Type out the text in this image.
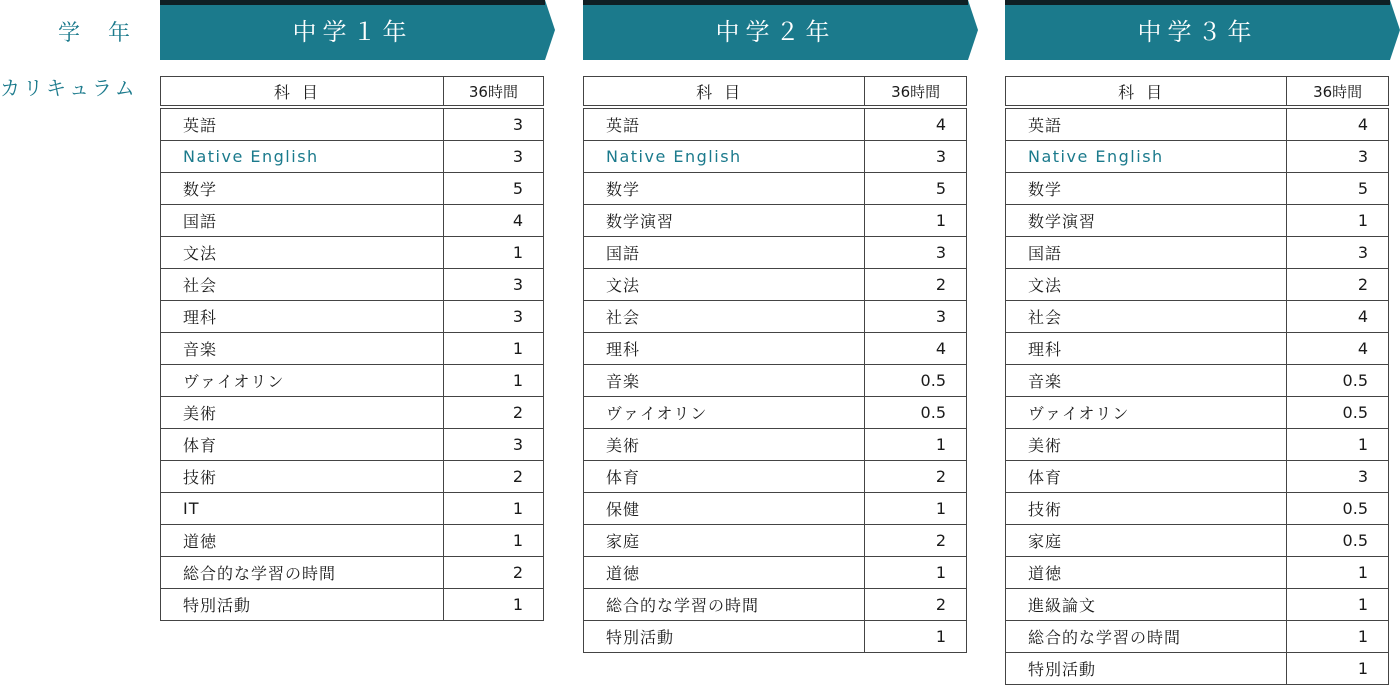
学年
カリキュラム
中学１年
科目	36時間
英語	3
Native English	3
数学	5
国語	4
文法	1
社会	3
理科	3
音楽	1
ヴァイオリン	1
美術	2
体育	3
技術	2
IT	1
道徳	1
総合的な学習の時間	2
特別活動	1
中学２年
科目	36時間
英語	4
Native English	3
数学	5
数学演習	1
国語	3
文法	2
社会	3
理科	4
音楽	0.5
ヴァイオリン	0.5
美術	1
体育	2
保健	1
家庭	2
道徳	1
総合的な学習の時間	2
特別活動	1
中学３年
科目	36時間
英語	4
Native English	3
数学	5
数学演習	1
国語	3
文法	2
社会	4
理科	4
音楽	0.5
ヴァイオリン	0.5
美術	1
体育	3
技術	0.5
家庭	0.5
道徳	1
進級論文	1
総合的な学習の時間	1
特別活動	1
